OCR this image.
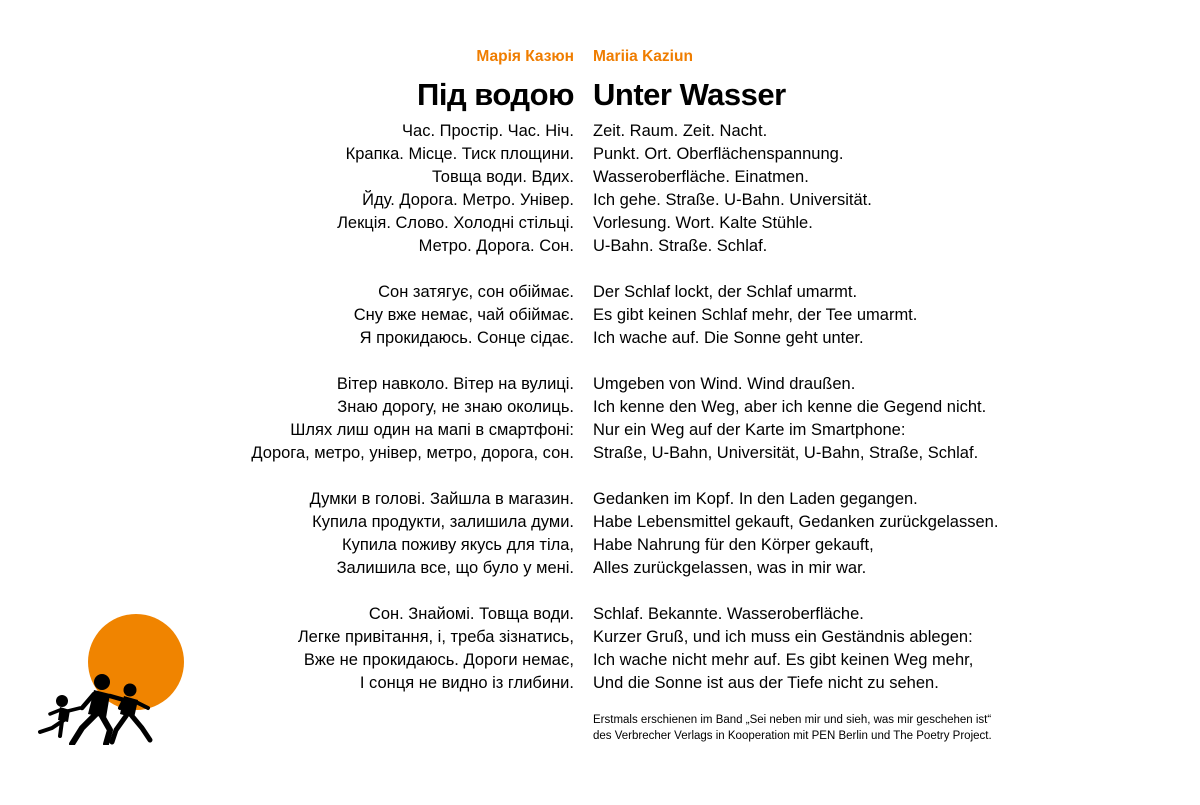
Марія Казюн
Під водою
Час. Простір. Час. Ніч.
Крапка. Місце. Тиск площини.
Товща води. Вдих.
Йду. Дорога. Метро. Універ.
Лекція. Слово. Холодні стільці.
Метро. Дорога. Сон.
Сон затягує, сон обіймає.
Сну вже немає, чай обіймає.
Я прокидаюсь. Сонце сідає.
Вітер навколо. Вітер на вулиці.
Знаю дорогу, не знаю околиць.
Шлях лиш один на мапі в смартфоні:
Дорога, метро, універ, метро, дорога, сон.
Думки в голові. Зайшла в магазин.
Купила продукти, залишила думи.
Купила поживу якусь для тіла,
Залишила все, що було у мені.
Сон. Знайомі. Товща води.
Легке привітання, і, треба зізнатись,
Вже не прокидаюсь. Дороги немає,
І сонця не видно із глибини.
Mariia Kaziun
Unter Wasser
Zeit. Raum. Zeit. Nacht.
Punkt. Ort. Oberflächenspannung.
Wasseroberfläche. Einatmen.
Ich gehe. Straße. U-Bahn. Universität.
Vorlesung. Wort. Kalte Stühle.
U-Bahn. Straße. Schlaf.
Der Schlaf lockt, der Schlaf umarmt.
Es gibt keinen Schlaf mehr, der Tee umarmt.
Ich wache auf. Die Sonne geht unter.
Umgeben von Wind. Wind draußen.
Ich kenne den Weg, aber ich kenne die Gegend nicht.
Nur ein Weg auf der Karte im Smartphone:
Straße, U-Bahn, Universität, U-Bahn, Straße, Schlaf.
Gedanken im Kopf. In den Laden gegangen.
Habe Lebensmittel gekauft, Gedanken zurückgelassen.
Habe Nahrung für den Körper gekauft,
Alles zurückgelassen, was in mir war.
Schlaf. Bekannte. Wasseroberfläche.
Kurzer Gruß, und ich muss ein Geständnis ablegen:
Ich wache nicht mehr auf. Es gibt keinen Weg mehr,
Und die Sonne ist aus der Tiefe nicht zu sehen.
Erstmals erschienen im Band „Sei neben mir und sieh, was mir geschehen ist“
des Verbrecher Verlags in Kooperation mit PEN Berlin und The Poetry Project.
